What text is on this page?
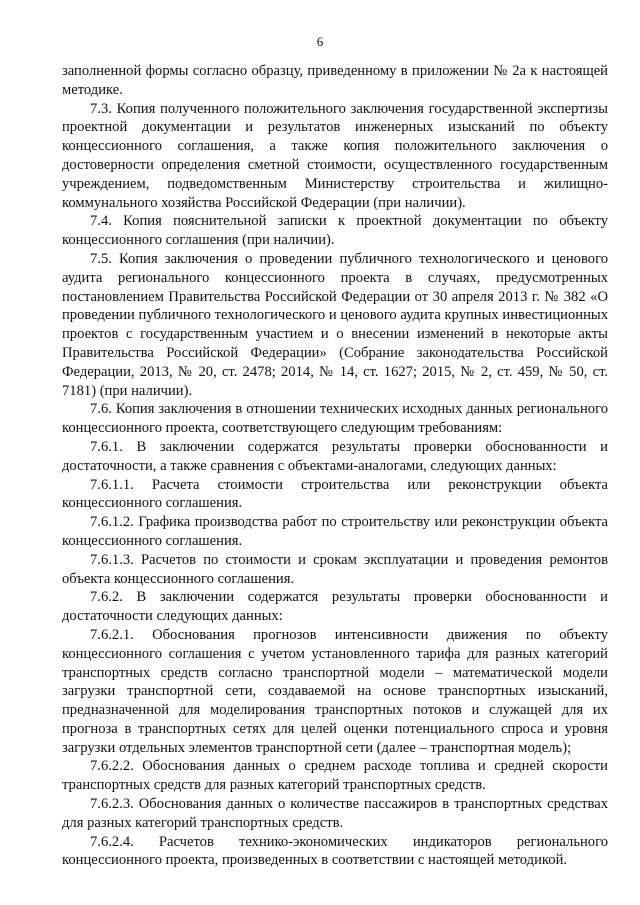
6

заполненной формы согласно образцу, приведенному в приложении № 2а к настоящей методике.

7.3. Копия полученного положительного заключения государственной экспертизы проектной документации и результатов инженерных изысканий по объекту концессионного соглашения, а также копия положительного заключения о достоверности определения сметной стоимости, осуществленного государственным учреждением, подведомственным Министерству строительства и жилищно-коммунального хозяйства Российской Федерации (при наличии).

7.4. Копия пояснительной записки к проектной документации по объекту концессионного соглашения (при наличии).

7.5. Копия заключения о проведении публичного технологического и ценового аудита регионального концессионного проекта в случаях, предусмотренных постановлением Правительства Российской Федерации от 30 апреля 2013 г. № 382 «О проведении публичного технологического и ценового аудита крупных инвестиционных проектов с государственным участием и о внесении изменений в некоторые акты Правительства Российской Федерации» (Собрание законодательства Российской Федерации, 2013, № 20, ст. 2478; 2014, № 14, ст. 1627; 2015, № 2, ст. 459, № 50, ст. 7181) (при наличии).

7.6. Копия заключения в отношении технических исходных данных регионального концессионного проекта, соответствующего следующим требованиям:

7.6.1. В заключении содержатся результаты проверки обоснованности и достаточности, а также сравнения с объектами-аналогами, следующих данных:

7.6.1.1. Расчета стоимости строительства или реконструкции объекта концессионного соглашения.

7.6.1.2. Графика производства работ по строительству или реконструкции объекта концессионного соглашения.

7.6.1.3. Расчетов по стоимости и срокам эксплуатации и проведения ремонтов объекта концессионного соглашения.

7.6.2. В заключении содержатся результаты проверки обоснованности и достаточности следующих данных:

7.6.2.1. Обоснования прогнозов интенсивности движения по объекту концессионного соглашения с учетом установленного тарифа для разных категорий транспортных средств согласно транспортной модели – математической модели загрузки транспортной сети, создаваемой на основе транспортных изысканий, предназначенной для моделирования транспортных потоков и служащей для их прогноза в транспортных сетях для целей оценки потенциального спроса и уровня загрузки отдельных элементов транспортной сети (далее – транспортная модель);

7.6.2.2. Обоснования данных о среднем расходе топлива и средней скорости транспортных средств для разных категорий транспортных средств.

7.6.2.3. Обоснования данных о количестве пассажиров в транспортных средствах для разных категорий транспортных средств.

7.6.2.4. Расчетов технико-экономических индикаторов регионального концессионного проекта, произведенных в соответствии с настоящей методикой.
